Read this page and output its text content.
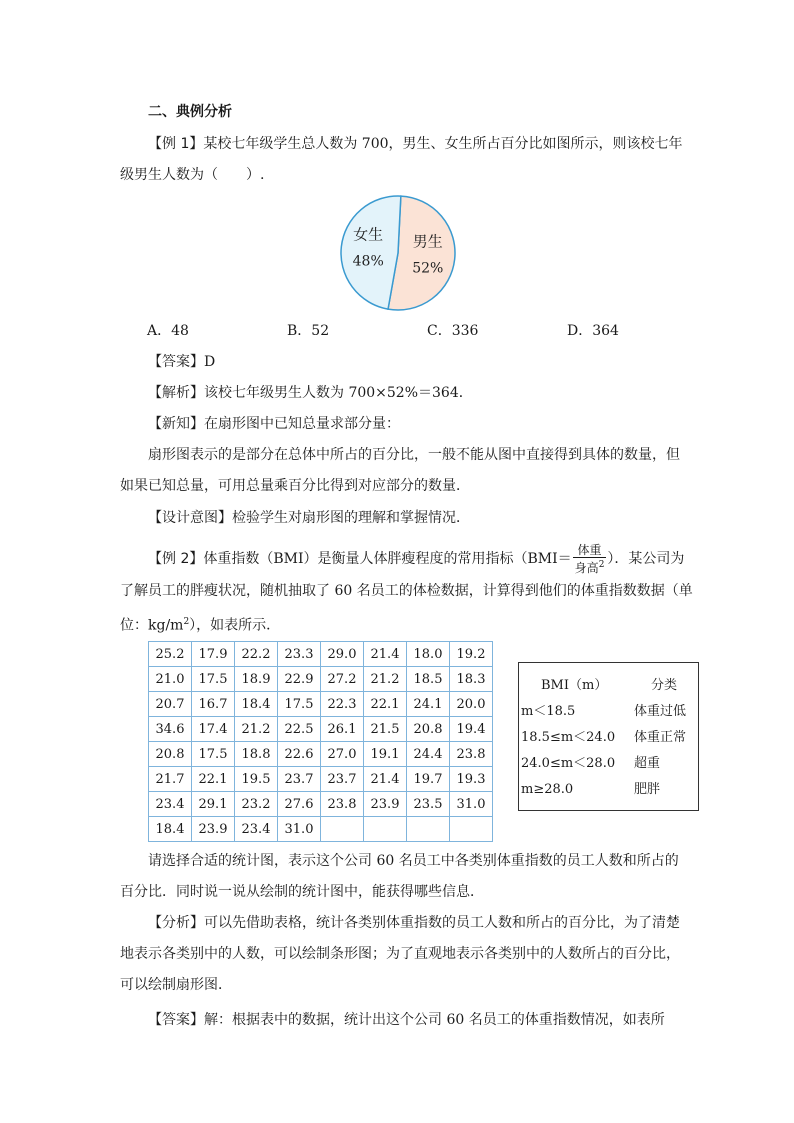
二、典例分析
【例 1】某校七年级学生总人数为 700，男生、女生所占百分比如图所示，则该校七年
级男生人数为（　　）.
男生
52%
女生
48%
A．48	B．52	C．336	D．364
【答案】D
【解析】该校七年级男生人数为 700×52%＝364．
【新知】在扇形图中已知总量求部分量：
扇形图表示的是部分在总体中所占的百分比，一般不能从图中直接得到具体的数量，但
如果已知总量，可用总量乘百分比得到对应部分的数量．
【设计意图】检验学生对扇形图的理解和掌握情况．
【例 2】体重指数（BMI）是衡量人体胖瘦程度的常用指标（$BMI= \frac{\text{体重}}{身高^2}$ ）．某公司为
了解员工的胖瘦状况，随机抽取了 60 名员工的体检数据，计算得到他们的体重指数数据（单
位：$kg/m^2$），如表所示．
25.2	17.9	22.2	23.3	29.0	21.4	18.0	19.2
21.0	17.5	18.9	22.9	27.2	21.2	18.5	18.3
20.7	16.7	18.4	17.5	22.3	22.1	24.1	20.0
34.6	17.4	21.2	22.5	26.1	21.5	20.8	19.4
20.8	17.5	18.8	22.6	27.0	19.1	24.4	23.8
21.7	22.1	19.5	23.7	23.7	21.4	19.7	19.3
23.4	29.1	23.2	27.6	23.8	23.9	23.5	31.0
18.4	23.9	23.4	31.0				
BMI（m）	分类
m＜18.5	体重过低
18.5≤m＜24.0 体重正常
24.0≤m＜28.0 超重
m≥28.0	肥胖
请选择合适的统计图，表示这个公司 60 名员工中各类别体重指数的员工人数和所占的
百分比．同时说一说从绘制的统计图中，能获得哪些信息．
【分析】可以先借助表格，统计各类别体重指数的员工人数和所占的百分比，为了清楚
地表示各类别中的人数，可以绘制条形图；为了直观地表示各类别中的人数所占的百分比，
可以绘制扇形图．
【答案】解：根据表中的数据，统计出这个公司 60 名员工的体重指数情况，如表所
